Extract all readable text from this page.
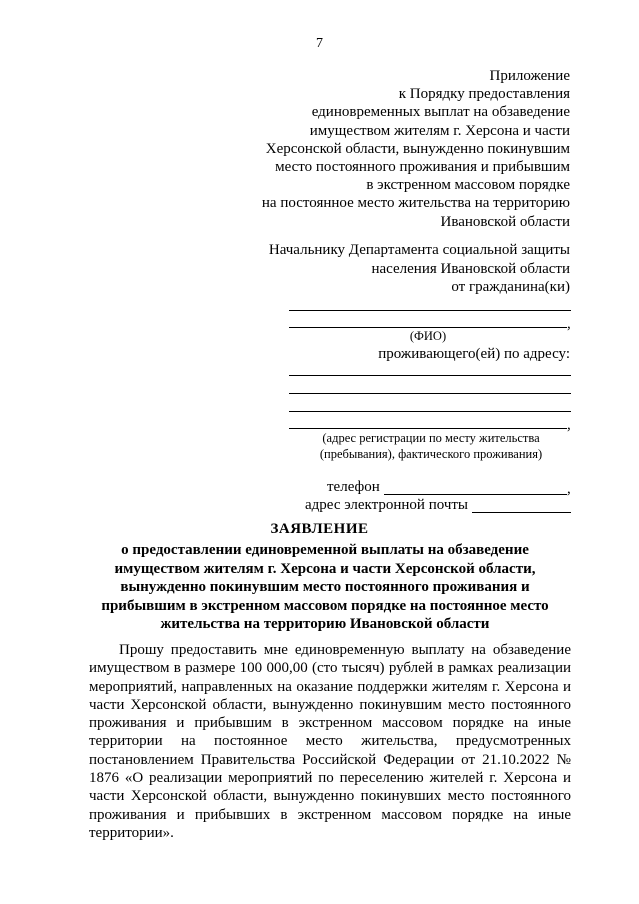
7
Приложение
к Порядку предоставления
единовременных выплат на обзаведение
имуществом жителям г. Херсона и части
Херсонской области, вынужденно покинувшим
место постоянного проживания и прибывшим
в экстренном массовом порядке
на постоянное место жительства на территорию
Ивановской области
Начальнику Департамента социальной защиты
населения Ивановской области
от гражданина(ки)
,
(ФИО)
проживающего(ей) по адресу:
,
(адрес регистрации по месту жительства
(пребывания), фактического проживания)
телефон	,
адрес электронной почты
ЗАЯВЛЕНИЕ
о предоставлении единовременной выплаты на обзаведение имуществом жителям г. Херсона и части Херсонской области, вынужденно покинувшим место постоянного проживания и прибывшим в экстренном массовом порядке на постоянное место жительства на территорию Ивановской области
Прошу предоставить мне единовременную выплату на обзаведение имуществом в размере 100 000,00 (сто тысяч) рублей в рамках реализации мероприятий, направленных на оказание поддержки жителям г. Херсона и части Херсонской области, вынужденно покинувшим место постоянного проживания и прибывшим в экстренном массовом порядке на иные территории на постоянное место жительства, предусмотренных постановлением Правительства Российской Федерации от 21.10.2022 № 1876 «О реализации мероприятий по переселению жителей г. Херсона и части Херсонской области, вынужденно покинувших место постоянного проживания и прибывших в экстренном массовом порядке на иные территории».
